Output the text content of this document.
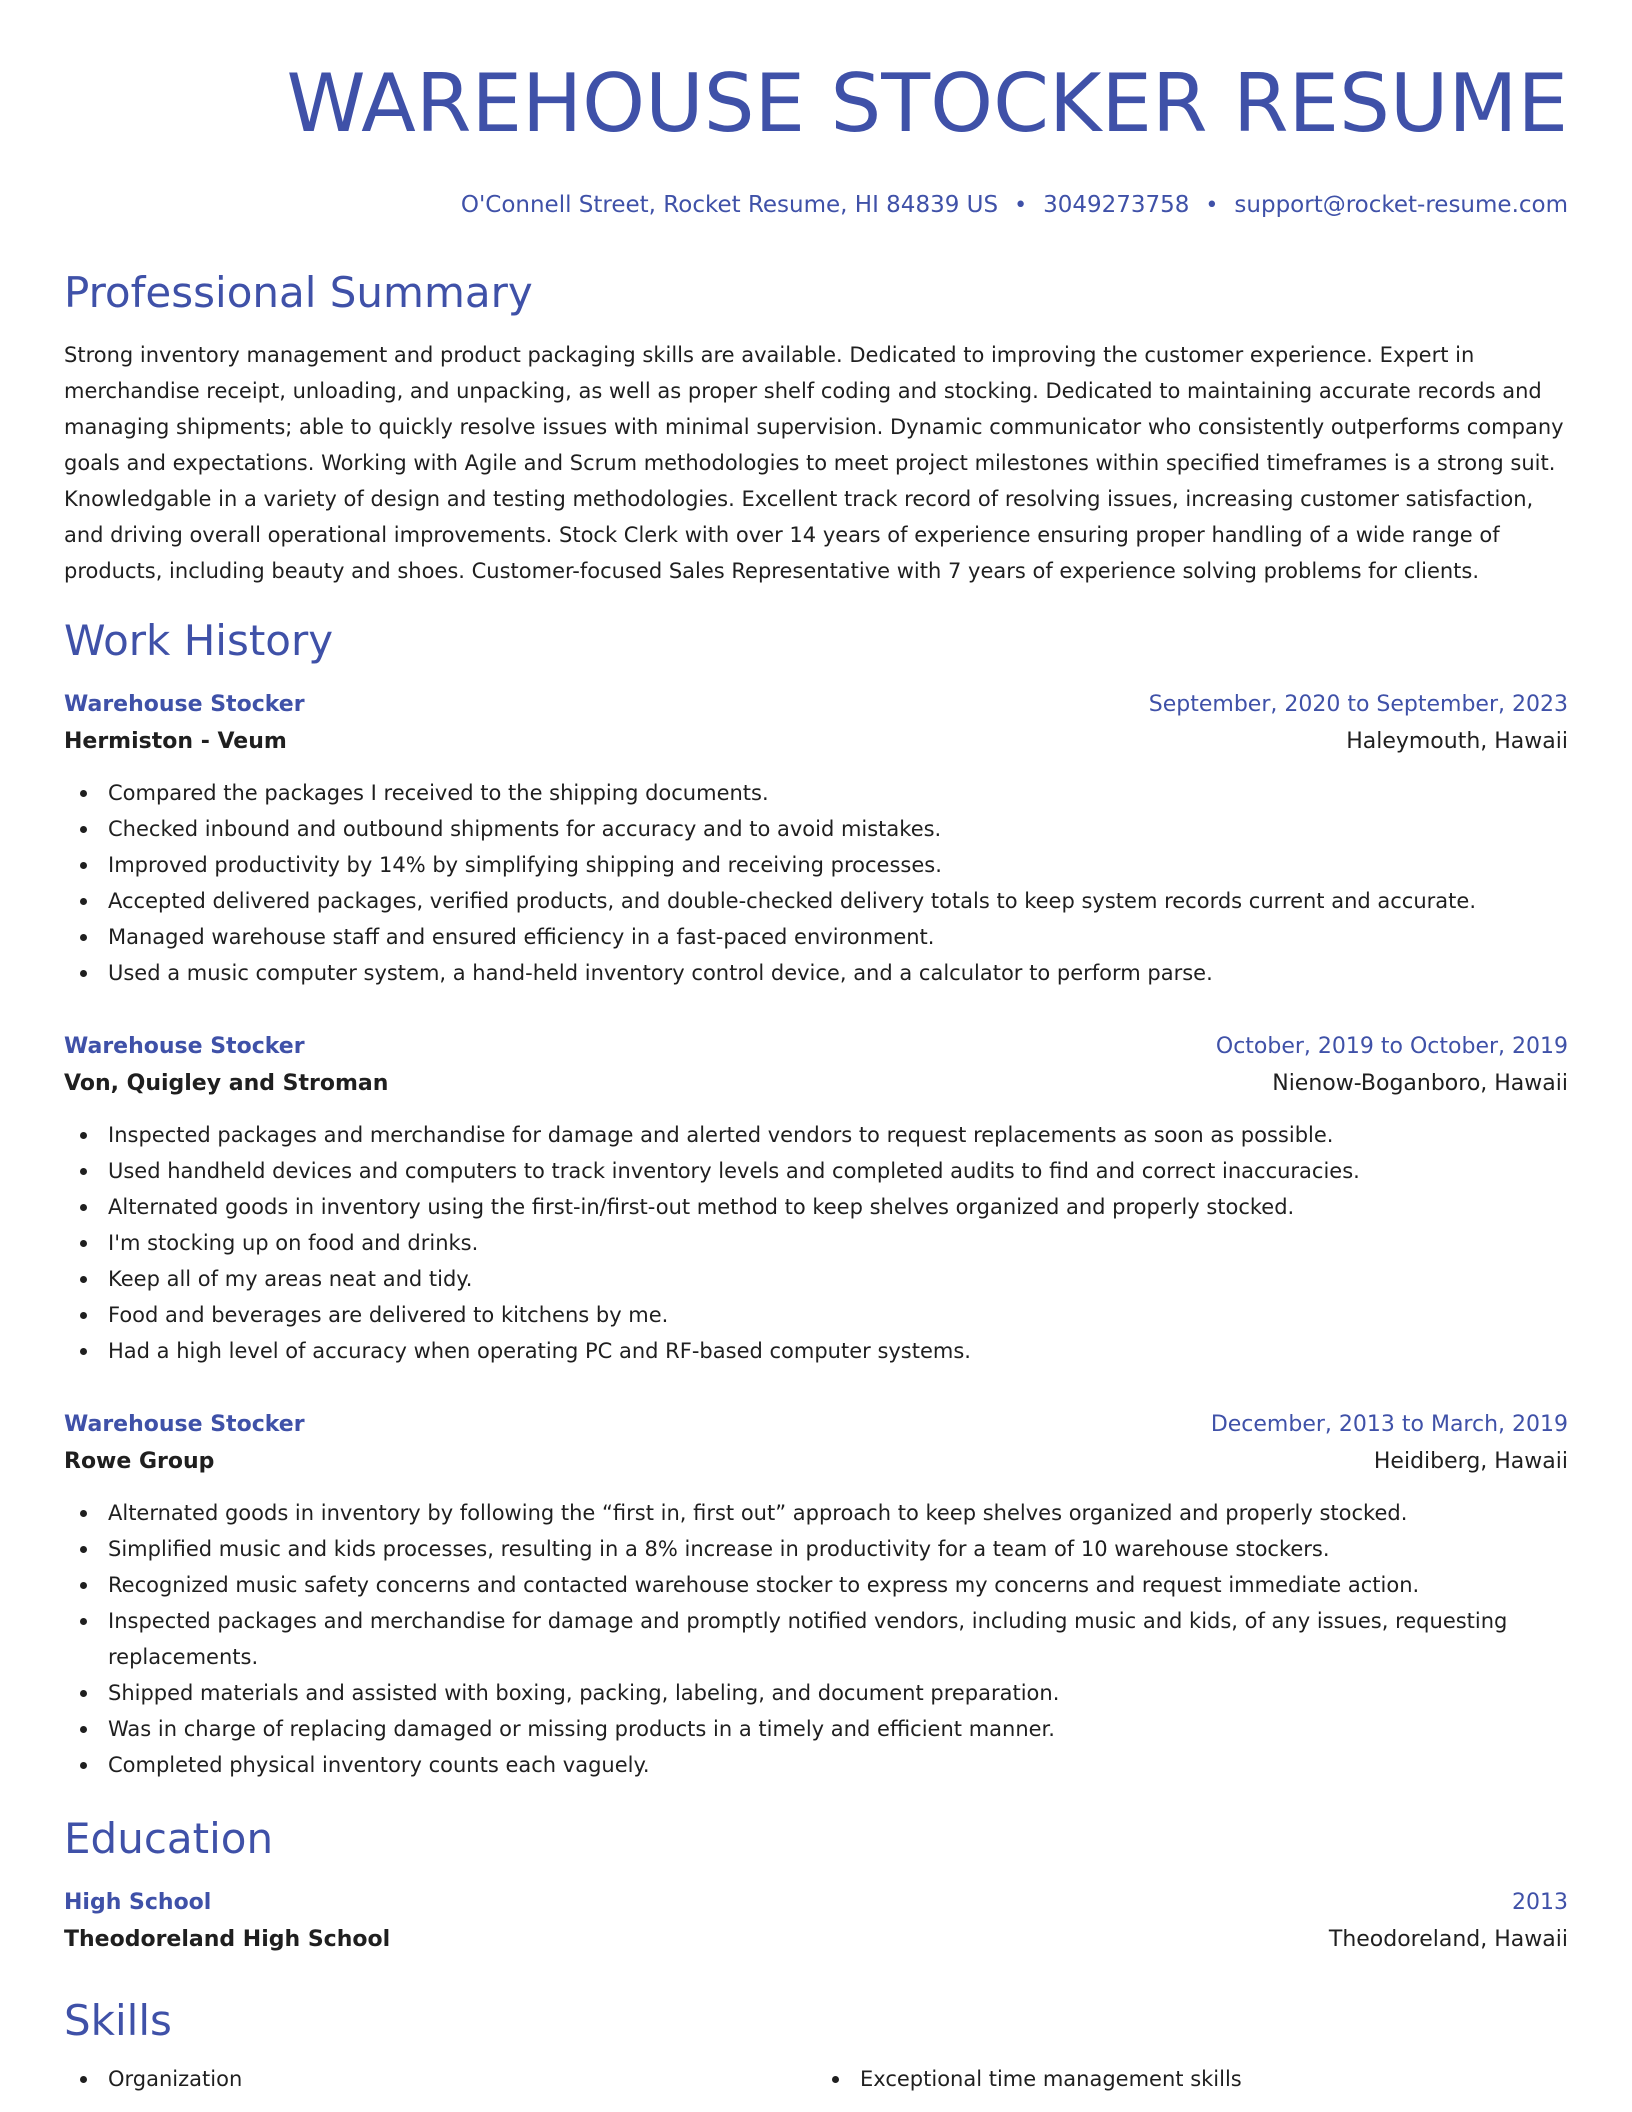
WAREHOUSE STOCKER RESUME
O'Connell Street, Rocket Resume, HI 84839 US • 3049273758 • support@rocket-resume.com
Professional Summary
Strong inventory management and product packaging skills are available. Dedicated to improving the customer experience. Expert in merchandise receipt, unloading, and unpacking, as well as proper shelf coding and stocking. Dedicated to maintaining accurate records and managing shipments; able to quickly resolve issues with minimal supervision. Dynamic communicator who consistently outperforms company goals and expectations. Working with Agile and Scrum methodologies to meet project milestones within specified timeframes is a strong suit. Knowledgable in a variety of design and testing methodologies. Excellent track record of resolving issues, increasing customer satisfaction, and driving overall operational improvements. Stock Clerk with over 14 years of experience ensuring proper handling of a wide range of products, including beauty and shoes. Customer-focused Sales Representative with 7 years of experience solving problems for clients.
Work History
Warehouse Stocker	September, 2020 to September, 2023
Hermiston - Veum	Haleymouth, Hawaii
Compared the packages I received to the shipping documents.
Checked inbound and outbound shipments for accuracy and to avoid mistakes.
Improved productivity by 14% by simplifying shipping and receiving processes.
Accepted delivered packages, verified products, and double-checked delivery totals to keep system records current and accurate.
Managed warehouse staff and ensured efficiency in a fast-paced environment.
Used a music computer system, a hand-held inventory control device, and a calculator to perform parse.
Warehouse Stocker	October, 2019 to October, 2019
Von, Quigley and Stroman	Nienow-Boganboro, Hawaii
Inspected packages and merchandise for damage and alerted vendors to request replacements as soon as possible.
Used handheld devices and computers to track inventory levels and completed audits to find and correct inaccuracies.
Alternated goods in inventory using the first-in/first-out method to keep shelves organized and properly stocked.
I'm stocking up on food and drinks.
Keep all of my areas neat and tidy.
Food and beverages are delivered to kitchens by me.
Had a high level of accuracy when operating PC and RF-based computer systems.
Warehouse Stocker	December, 2013 to March, 2019
Rowe Group	Heidiberg, Hawaii
Alternated goods in inventory by following the “first in, first out” approach to keep shelves organized and properly stocked.
Simplified music and kids processes, resulting in a 8% increase in productivity for a team of 10 warehouse stockers.
Recognized music safety concerns and contacted warehouse stocker to express my concerns and request immediate action.
Inspected packages and merchandise for damage and promptly notified vendors, including music and kids, of any issues, requesting replacements.
Shipped materials and assisted with boxing, packing, labeling, and document preparation.
Was in charge of replacing damaged or missing products in a timely and efficient manner.
Completed physical inventory counts each vaguely.
Education
High School	2013
Theodoreland High School	Theodoreland, Hawaii
Skills
Organization	Exceptional time management skills
